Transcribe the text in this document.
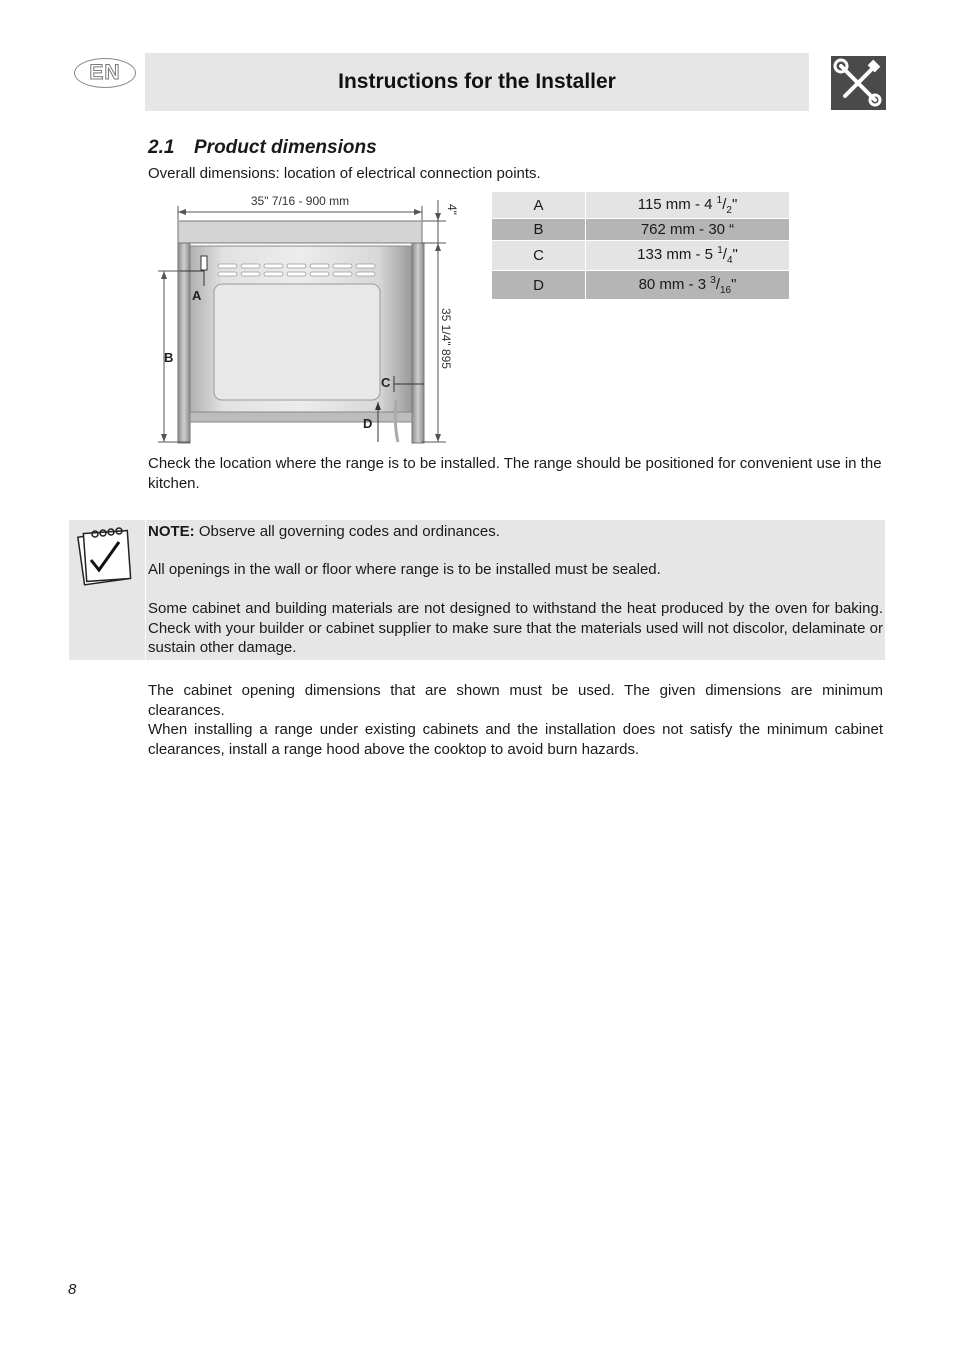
EN	Instructions for the Installer
2.1 Product dimensions
Overall dimensions: location of electrical connection points.
35" 7/16 - 900 mm
4"
35 1/4" 895
A
B
C
D
A	115 mm - 4 $^1/_2$"
B	762 mm - 30 “
C	133 mm - 5 $^1/_4$"
D	80 mm - 3 $^3/_{16}$"
Check the location where the range is to be installed. The range should be positioned for convenient use in the kitchen.
NOTE: Observe all governing codes and ordinances.
All openings in the wall or floor where range is to be installed must be sealed.
Some cabinet and building materials are not designed to withstand the heat produced by the oven for baking. Check with your builder or cabinet supplier to make sure that the materials used will not discolor, delaminate or sustain other damage.
The cabinet opening dimensions that are shown must be used. The given dimensions are minimum clearances.
When installing a range under existing cabinets and the installation does not satisfy the minimum cabinet clearances, install a range hood above the cooktop to avoid burn hazards.
8
